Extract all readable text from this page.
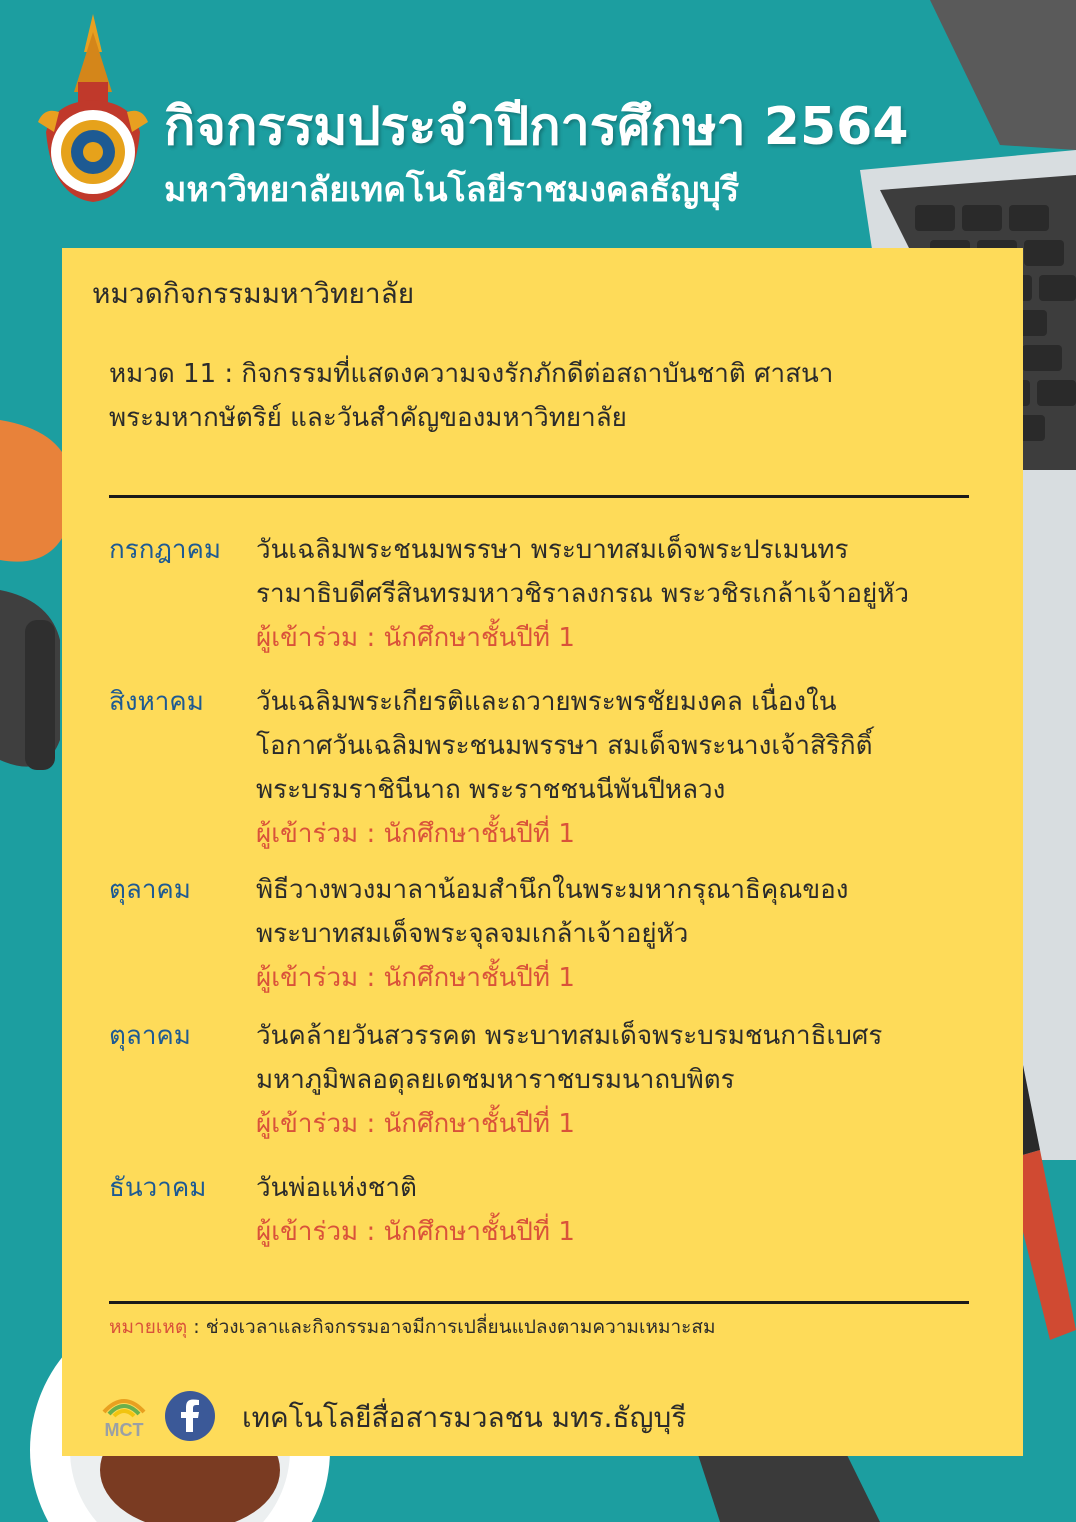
กิจกรรมประจำปีการศึกษา 2564
มหาวิทยาลัยเทคโนโลยีราชมงคลธัญบุรี
หมวดกิจกรรมมหาวิทยาลัย
หมวด 11 : กิจกรรมที่แสดงความจงรักภักดีต่อสถาบันชาติ ศาสนา
พระมหากษัตริย์ และวันสำคัญของมหาวิทยาลัย
กรกฎาคม วันเฉลิมพระชนมพรรษา พระบาทสมเด็จพระปรเมนทร
รามาธิบดีศรีสินทรมหาวชิราลงกรณ พระวชิรเกล้าเจ้าอยู่หัว
ผู้เข้าร่วม : นักศึกษาชั้นปีที่ 1
สิงหาคม วันเฉลิมพระเกียรติและถวายพระพรชัยมงคล เนื่องใน
โอกาศวันเฉลิมพระชนมพรรษา สมเด็จพระนางเจ้าสิริกิติ์
พระบรมราชินีนาถ พระราชชนนีพันปีหลวง
ผู้เข้าร่วม : นักศึกษาชั้นปีที่ 1
ตุลาคม	พิธีวางพวงมาลาน้อมสำนึกในพระมหากรุณาธิคุณของ
พระบาทสมเด็จพระจุลจมเกล้าเจ้าอยู่หัว
ผู้เข้าร่วม : นักศึกษาชั้นปีที่ 1
ตุลาคม	วันคล้ายวันสวรรคต พระบาทสมเด็จพระบรมชนกาธิเบศร
มหาภูมิพลอดุลยเดชมหาราชบรมนาถบพิตร
ผู้เข้าร่วม : นักศึกษาชั้นปีที่ 1
ธันวาคม วันพ่อแห่งชาติ
ผู้เข้าร่วม : นักศึกษาชั้นปีที่ 1
หมายเหตุ : ช่วงเวลาและกิจกรรมอาจมีการเปลี่ยนแปลงตามความเหมาะสม
MCT	เทคโนโลยีสื่อสารมวลชน มทร.ธัญบุรี
